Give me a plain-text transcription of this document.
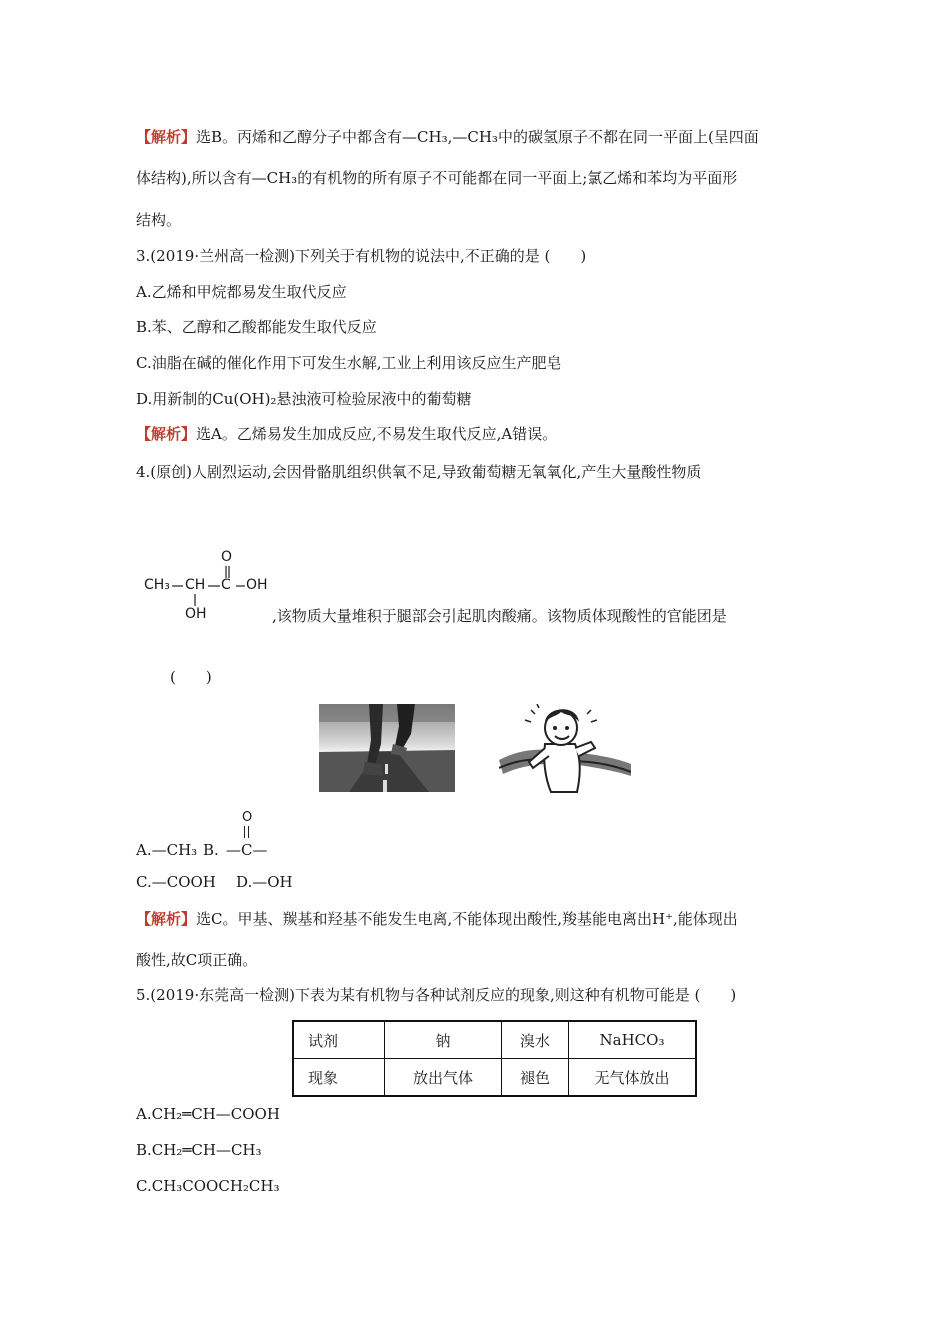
【解析】选B。丙烯和乙醇分子中都含有—CH₃,—CH₃中的碳氢原子不都在同一平面上(呈四面
体结构),所以含有—CH₃的有机物的所有原子不可能都在同一平面上;氯乙烯和苯均为平面形
结构。
3.(2019·兰州高一检测)下列关于有机物的说法中,不正确的是 (　　)
A.乙烯和甲烷都易发生取代反应
B.苯、乙醇和乙酸都能发生取代反应
C.油脂在碱的催化作用下可发生水解,工业上利用该反应生产肥皂
D.用新制的Cu(OH)₂悬浊液可检验尿液中的葡萄糖
【解析】选A。乙烯易发生加成反应,不易发生取代反应,A错误。
4.(原创)人剧烈运动,会因骨骼肌组织供氧不足,导致葡萄糖无氧氧化,产生大量酸性物质
CH₃ CH C OH
O
OH	,该物质大量堆积于腿部会引起肌肉酸痛。该物质体现酸性的官能团是
(　　)
A.—CH₃ B.
O
—C—
C.—COOH D.—OH
【解析】选C。甲基、羰基和羟基不能发生电离,不能体现出酸性,羧基能电离出H⁺,能体现出
酸性,故C项正确。
5.(2019·东莞高一检测)下表为某有机物与各种试剂反应的现象,则这种有机物可能是 (　　)
试剂	钠	溴水	NaHCO₃
现象	放出气体	褪色	无气体放出
A.CH₂═CH—COOH
B.CH₂═CH—CH₃
C.CH₃COOCH₂CH₃
